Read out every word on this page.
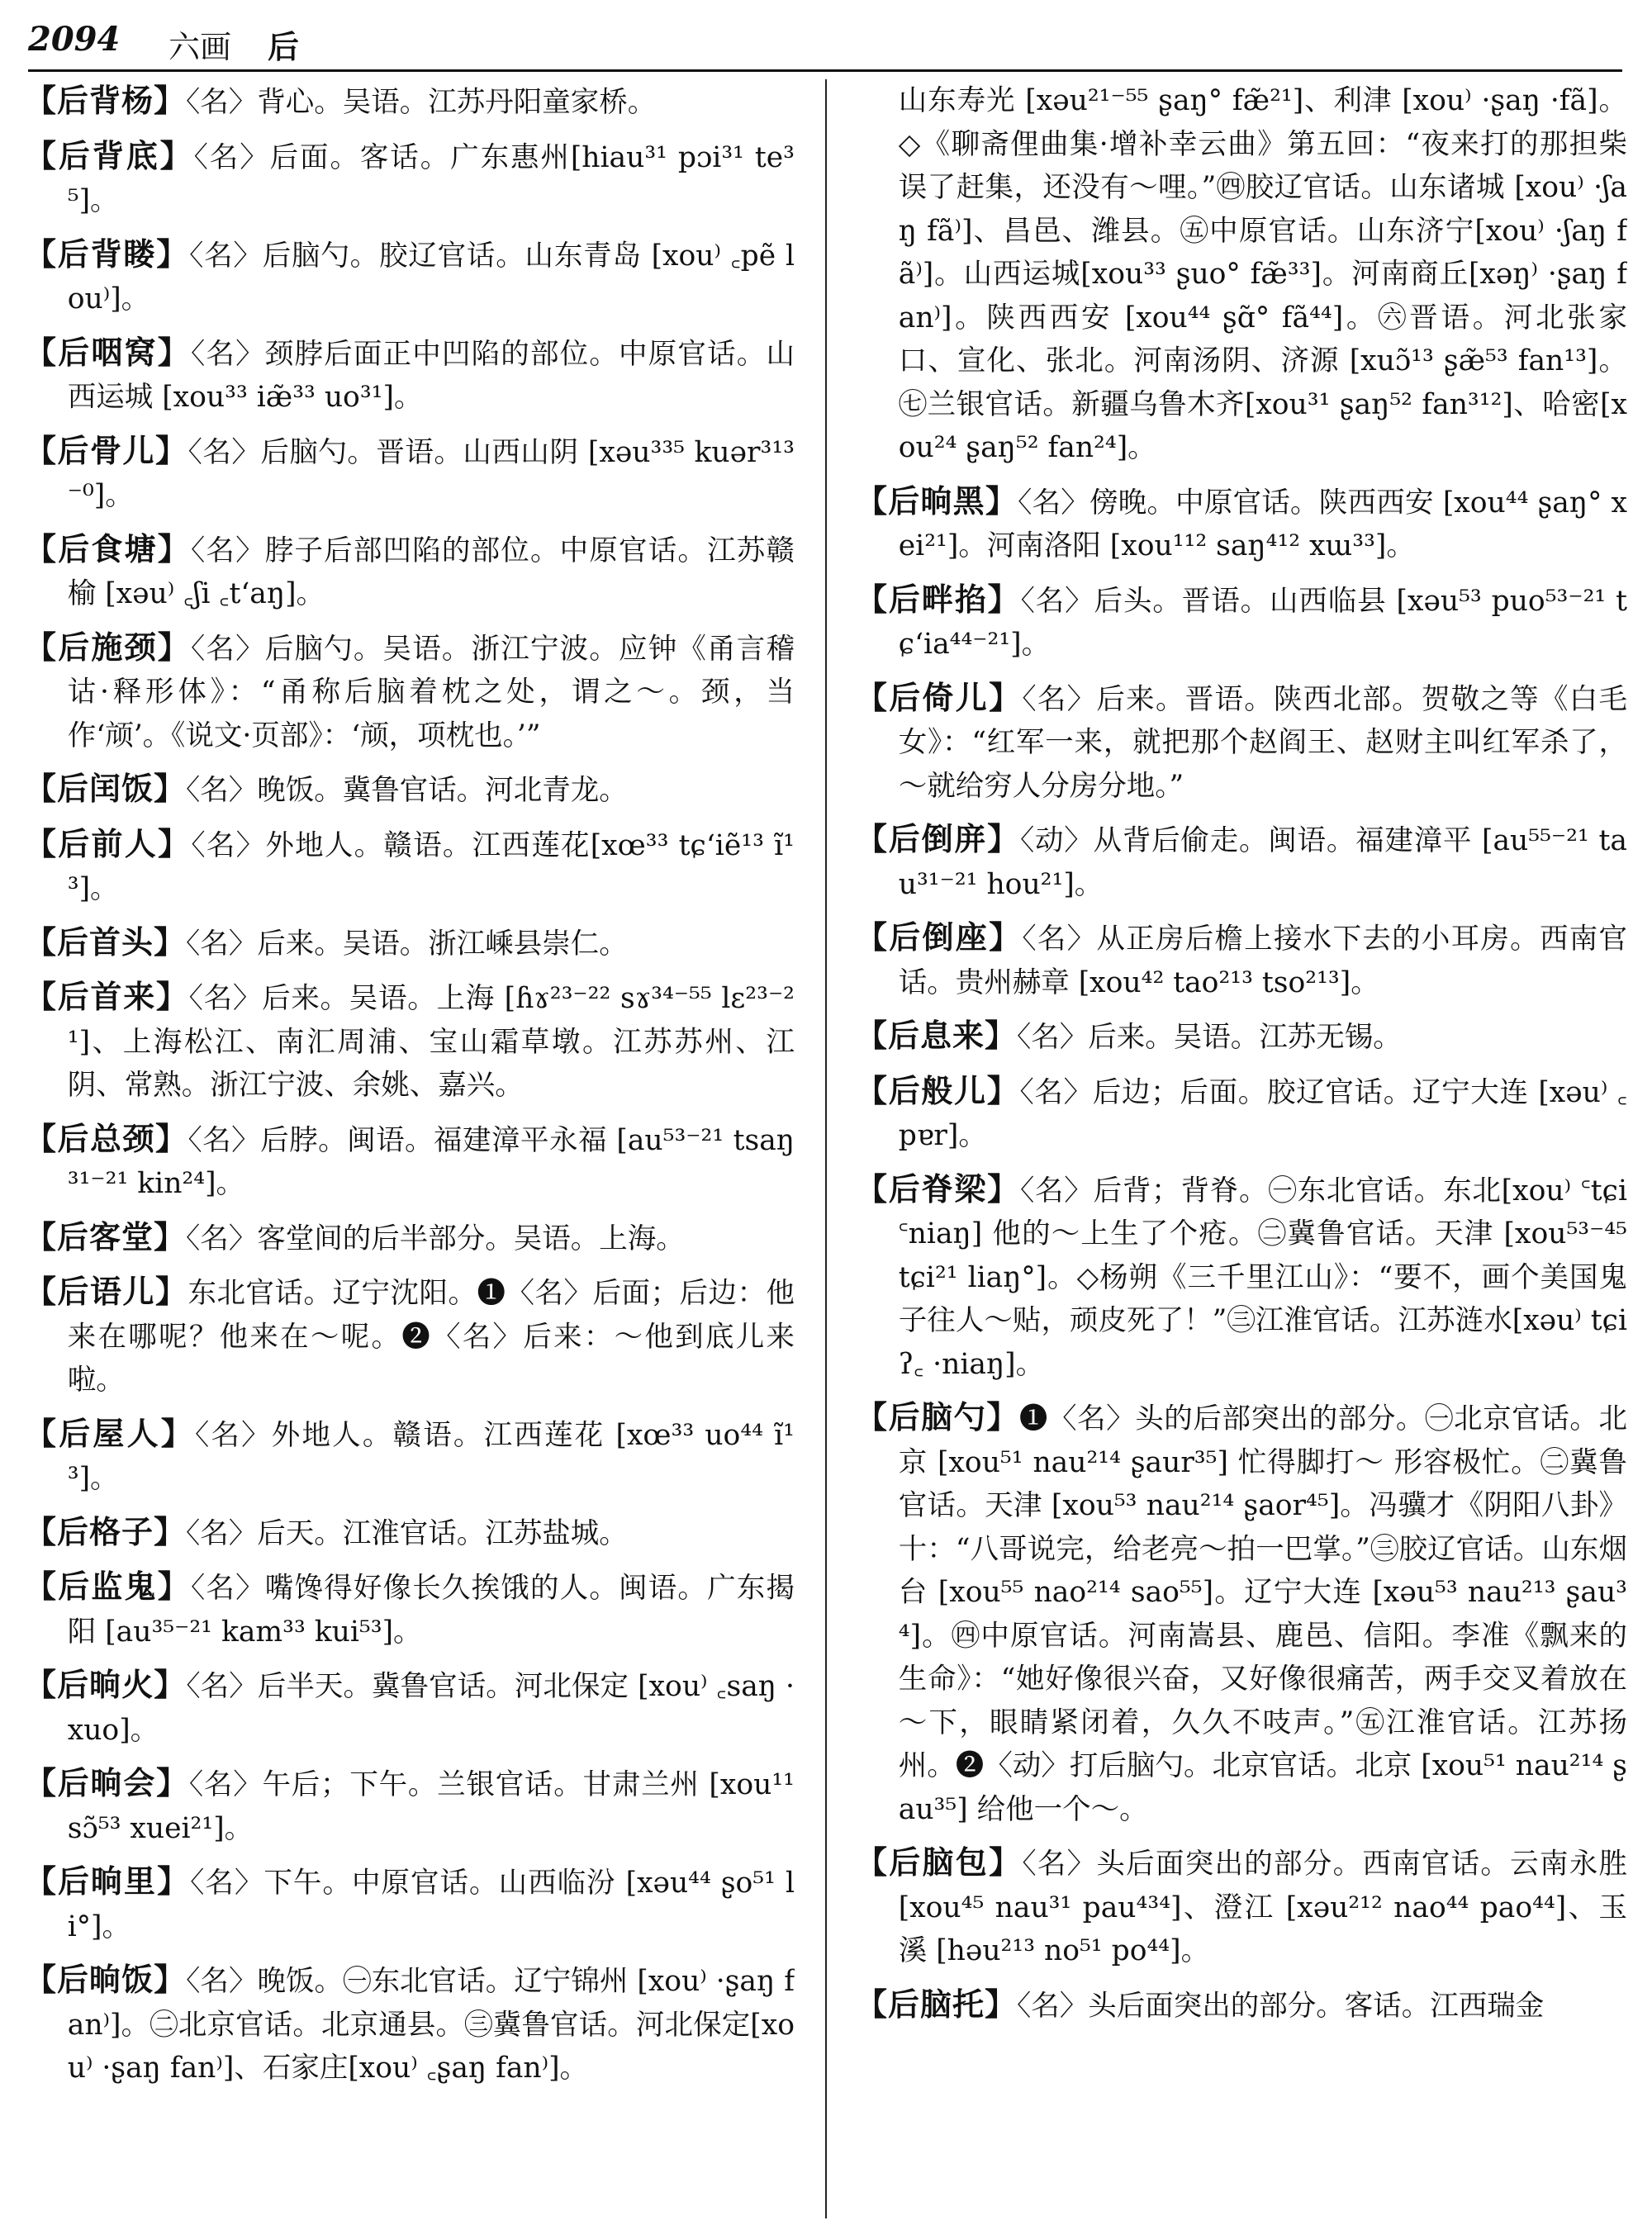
2094 六画 后

【后背杨】〈名〉背心。吴语。江苏丹阳童家桥。

【后背底】〈名〉后面。客话。广东惠州[hiau³¹ pɔi³¹ te³⁵]。

【后背䁖】〈名〉后脑勺。胶辽官话。山东青岛 [xou⁾ ꜀pẽ lou⁾]。

【后咽窝】〈名〉颈脖后面正中凹陷的部位。中原官话。山西运城 [xou³³ iæ̃³³ uo³¹]。

【后骨儿】〈名〉后脑勺。晋语。山西山阴 [xəu³³⁵ kuər³¹³⁻⁰]。

【后食塘】〈名〉脖子后部凹陷的部位。中原官话。江苏赣榆 [xəu⁾ ꜀ʃi ꜀tʻaŋ]。

【后施颈】〈名〉后脑勺。吴语。浙江宁波。应钟《甬言稽诂·释形体》：“甬称后脑着枕之处，谓之～。颈，当作‘颃’。《说文·页部》：‘颃，项枕也。’”

【后闰饭】〈名〉晚饭。冀鲁官话。河北青龙。

【后前人】〈名〉外地人。赣语。江西莲花[xœ³³ tɕʻiẽ¹³ ĩ¹³]。

【后首头】〈名〉后来。吴语。浙江嵊县崇仁。

【后首来】〈名〉后来。吴语。上海 [ɦɤ²³⁻²² sɤ³⁴⁻⁵⁵ lɛ²³⁻²¹]、上海松江、南汇周浦、宝山霜草墩。江苏苏州、江阴、常熟。浙江宁波、余姚、嘉兴。

【后总颈】〈名〉后脖。闽语。福建漳平永福 [au⁵³⁻²¹ tsaŋ³¹⁻²¹ kin²⁴]。

【后客堂】〈名〉客堂间的后半部分。吴语。上海。

【后语儿】东北官话。辽宁沈阳。❶〈名〉后面；后边：他来在哪呢？他来在～呢。❷〈名〉后来：～他到底儿来啦。

【后屋人】〈名〉外地人。赣语。江西莲花 [xœ³³ uo⁴⁴ ĩ¹³]。

【后格子】〈名〉后天。江淮官话。江苏盐城。

【后监鬼】〈名〉嘴馋得好像长久挨饿的人。闽语。广东揭阳 [au³⁵⁻²¹ kam³³ kui⁵³]。

【后晌火】〈名〉后半天。冀鲁官话。河北保定 [xou⁾ ꜀saŋ ·xuo]。

【后晌会】〈名〉午后；下午。兰银官话。甘肃兰州 [xou¹¹ sɔ̃⁵³ xuei²¹]。

【后晌里】〈名〉下午。中原官话。山西临汾 [xəu⁴⁴ ʂo⁵¹ li°]。

【后晌饭】〈名〉晚饭。㊀东北官话。辽宁锦州 [xou⁾ ·ʂaŋ fan⁾]。㊁北京官话。北京通县。㊂冀鲁官话。河北保定[xou⁾ ·ʂaŋ fan⁾]、石家庄[xou⁾ ꜀ʂaŋ fan⁾]。

山东寿光 [xəu²¹⁻⁵⁵ ʂaŋ° fæ̃²¹]、利津 [xou⁾ ·ʂaŋ ·fã]。◇《聊斋俚曲集·增补幸云曲》第五回：“夜来打的那担柴误了赶集，还没有～哩。”㊃胶辽官话。山东诸城 [xou⁾ ·ʃaŋ fã⁾]、昌邑、潍县。㊄中原官话。山东济宁[xou⁾ ·ʃaŋ fã⁾]。山西运城[xou³³ ʂuo° fæ̃³³]。河南商丘[xəŋ⁾ ·ʂaŋ fan⁾]。陕西西安 [xou⁴⁴ ʂɑ̃° fã⁴⁴]。㊅晋语。河北张家口、宣化、张北。河南汤阴、济源 [xuɔ̃¹³ ʂæ̃⁵³ fan¹³]。㊆兰银官话。新疆乌鲁木齐[xou³¹ ʂaŋ⁵² fan³¹²]、哈密[xou²⁴ ʂaŋ⁵² fan²⁴]。

【后晌黑】〈名〉傍晚。中原官话。陕西西安 [xou⁴⁴ ʂaŋ° xei²¹]。河南洛阳 [xou¹¹² saŋ⁴¹² xɯ³³]。

【后畔掐】〈名〉后头。晋语。山西临县 [xəu⁵³ puo⁵³⁻²¹ tɕʻia⁴⁴⁻²¹]。

【后倚儿】〈名〉后来。晋语。陕西北部。贺敬之等《白毛女》：“红军一来，就把那个赵阎王、赵财主叫红军杀了，～就给穷人分房分地。”

【后倒庰】〈动〉从背后偷走。闽语。福建漳平 [au⁵⁵⁻²¹ tau³¹⁻²¹ hou²¹]。

【后倒座】〈名〉从正房后檐上接水下去的小耳房。西南官话。贵州赫章 [xou⁴² tao²¹³ tso²¹³]。

【后息来】〈名〉后来。吴语。江苏无锡。

【后般儿】〈名〉后边；后面。胶辽官话。辽宁大连 [xəu⁾ ꜀pɐr]。

【后脊梁】〈名〉后背；背脊。㊀东北官话。东北[xou⁾ ꜂tɕi ꜂niaŋ] 他的～上生了个疮。㊁冀鲁官话。天津 [xou⁵³⁻⁴⁵ tɕi²¹ liaŋ°]。◇杨朔《三千里江山》：“要不，画个美国鬼子往人～贴，顽皮死了！”㊂江淮官话。江苏涟水[xəu⁾ tɕiʔ꜀ ·niaŋ]。

【后脑勺】❶〈名〉头的后部突出的部分。㊀北京官话。北京 [xou⁵¹ nau²¹⁴ ʂaur³⁵] 忙得脚打～ 形容极忙。㊁冀鲁官话。天津 [xou⁵³ nau²¹⁴ ʂaor⁴⁵]。冯骥才《阴阳八卦》十：“八哥说完，给老亮～拍一巴掌。”㊂胶辽官话。山东烟台 [xou⁵⁵ nao²¹⁴ sao⁵⁵]。辽宁大连 [xəu⁵³ nau²¹³ ʂau³⁴]。㊃中原官话。河南嵩县、鹿邑、信阳。李准《飘来的生命》：“她好像很兴奋，又好像很痛苦，两手交叉着放在～下，眼睛紧闭着，久久不吱声。”㊄江淮官话。江苏扬州。❷〈动〉打后脑勺。北京官话。北京 [xou⁵¹ nau²¹⁴ ʂau³⁵] 给他一个～。

【后脑包】〈名〉头后面突出的部分。西南官话。云南永胜 [xou⁴⁵ nau³¹ pau⁴³⁴]、澄江 [xəu²¹² nao⁴⁴ pao⁴⁴]、玉溪 [həu²¹³ no⁵¹ po⁴⁴]。

【后脑托】〈名〉头后面突出的部分。客话。江西瑞金
